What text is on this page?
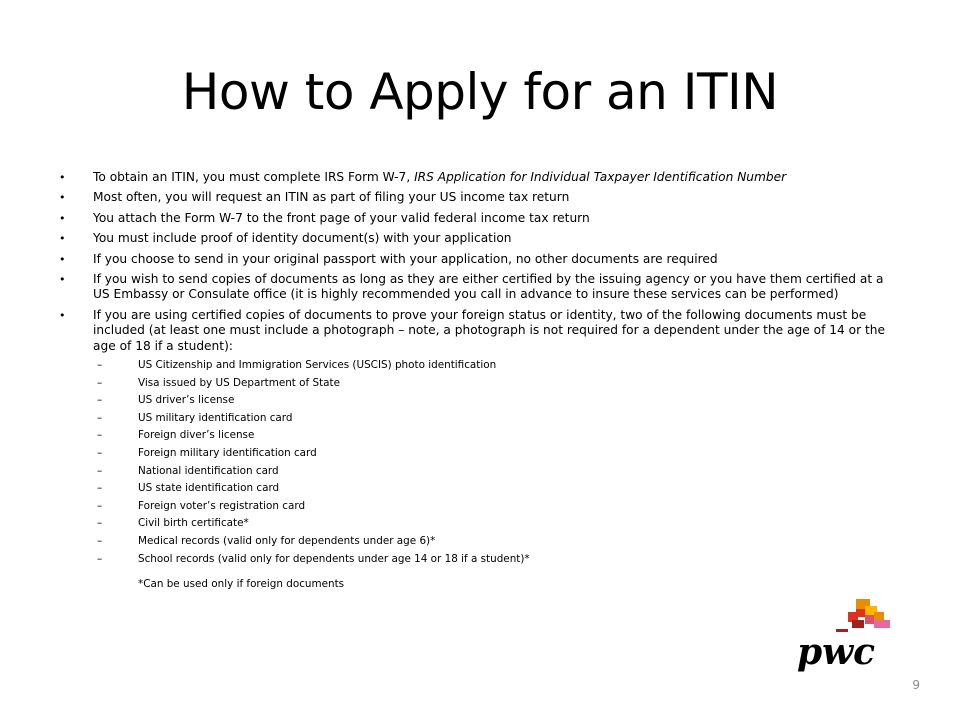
How to Apply for an ITIN
• To obtain an ITIN, you must complete IRS Form W-7, IRS Application for Individual Taxpayer Identification Number
• Most often, you will request an ITIN as part of filing your US income tax return
• You attach the Form W-7 to the front page of your valid federal income tax return
• You must include proof of identity document(s) with your application
• If you choose to send in your original passport with your application, no other documents are required
• If you wish to send copies of documents as long as they are either certified by the issuing agency or you have them certified at a US Embassy or Consulate office (it is highly recommended you call in advance to insure these services can be performed)
• If you are using certified copies of documents to prove your foreign status or identity, two of the following documents must be included (at least one must include a photograph – note, a photograph is not required for a dependent under the age of 14 or the age of 18 if a student):
–	US Citizenship and Immigration Services (USCIS) photo identification
–	Visa issued by US Department of State
–	US driver’s license
–	US military identification card
–	Foreign diver’s license
–	Foreign military identification card
–	National identification card
–	US state identification card
–	Foreign voter’s registration card
–	Civil birth certificate*
–	Medical records (valid only for dependents under age 6)*
–	School records (valid only for dependents under age 14 or 18 if a student)*
*Can be used only if foreign documents
pwc
9
